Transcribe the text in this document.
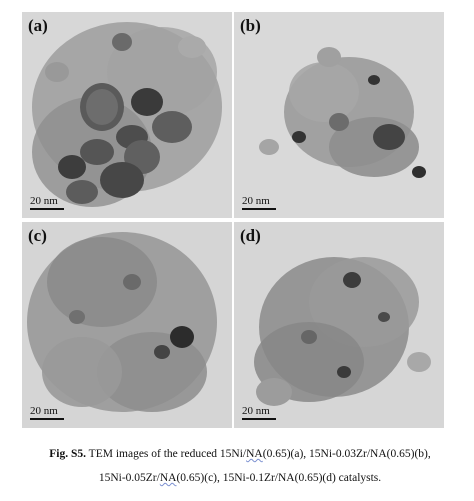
(a)
20 nm
(b)
20 nm
(c)
20 nm
(d)
20 nm
Fig. S5. TEM images of the reduced 15Ni/NA(0.65)(a), 15Ni-0.03Zr/NA(0.65)(b),
15Ni-0.05Zr/NA(0.65)(c), 15Ni-0.1Zr/NA(0.65)(d) catalysts.
